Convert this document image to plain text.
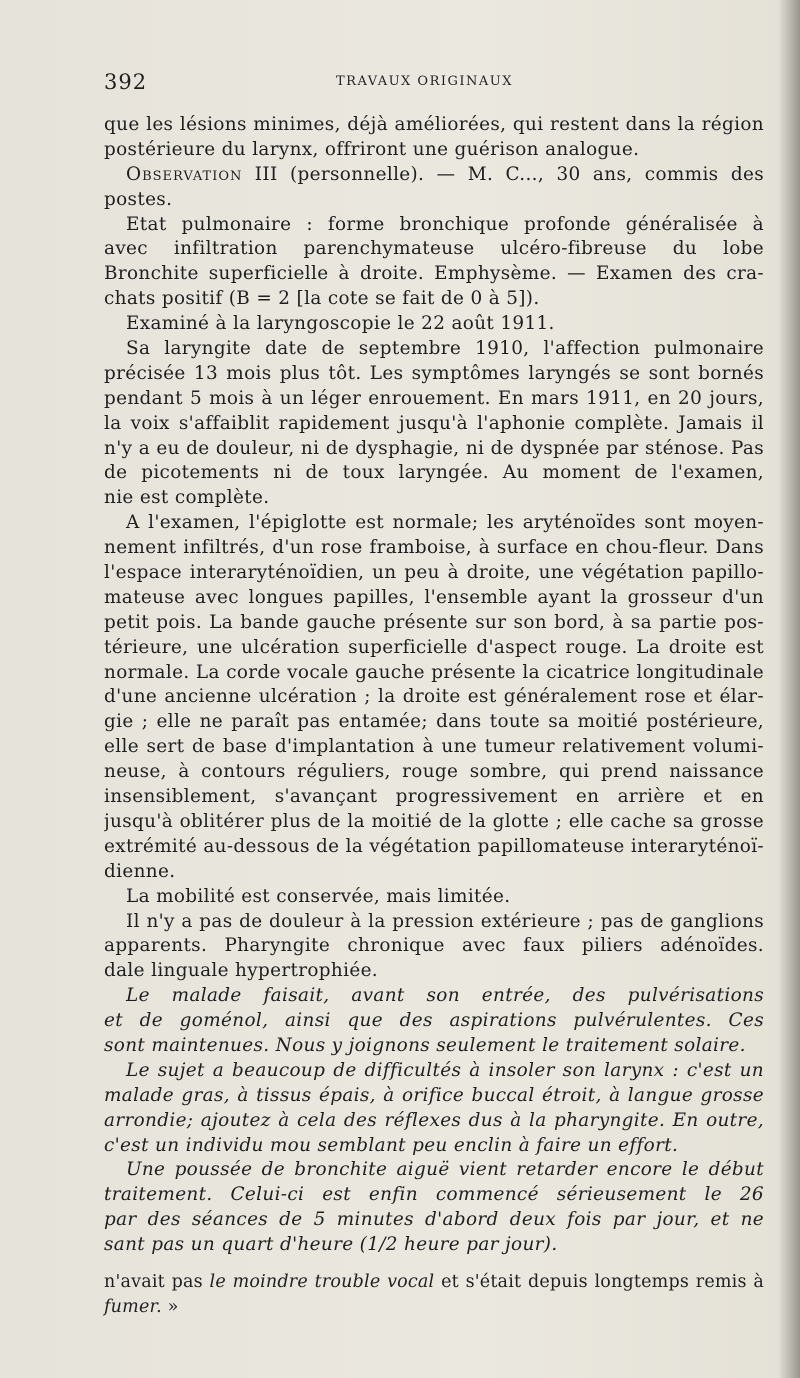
392	TRAVAUX ORIGINAUX
que les lésions minimes, déjà améliorées, qui restent dans la région
postérieure du larynx, offriront une guérison analogue.
Observation III (personnelle). — M. C..., 30 ans, commis des
postes.
Etat pulmonaire : forme bronchique profonde généralisée à
avec infiltration parenchymateuse ulcéro-fibreuse du lobe
Bronchite superficielle à droite. Emphysème. — Examen des cra-
chats positif (B = 2 [la cote se fait de 0 à 5]).
Examiné à la laryngoscopie le 22 août 1911.
Sa laryngite date de septembre 1910, l'affection pulmonaire
précisée 13 mois plus tôt. Les symptômes laryngés se sont bornés
pendant 5 mois à un léger enrouement. En mars 1911, en 20 jours,
la voix s'affaiblit rapidement jusqu'à l'aphonie complète. Jamais il
n'y a eu de douleur, ni de dysphagie, ni de dyspnée par sténose. Pas
de picotements ni de toux laryngée. Au moment de l'examen,
nie est complète.
A l'examen, l'épiglotte est normale; les aryténoïdes sont moyen-
nement infiltrés, d'un rose framboise, à surface en chou-fleur. Dans
l'espace interaryténoïdien, un peu à droite, une végétation papillo-
mateuse avec longues papilles, l'ensemble ayant la grosseur d'un
petit pois. La bande gauche présente sur son bord, à sa partie pos-
térieure, une ulcération superficielle d'aspect rouge. La droite est
normale. La corde vocale gauche présente la cicatrice longitudinale
d'une ancienne ulcération ; la droite est généralement rose et élar-
gie ; elle ne paraît pas entamée; dans toute sa moitié postérieure,
elle sert de base d'implantation à une tumeur relativement volumi-
neuse, à contours réguliers, rouge sombre, qui prend naissance
insensiblement, s'avançant progressivement en arrière et en
jusqu'à oblitérer plus de la moitié de la glotte ; elle cache sa grosse
extrémité au-dessous de la végétation papillomateuse interaryténoï-
dienne.
La mobilité est conservée, mais limitée.
Il n'y a pas de douleur à la pression extérieure ; pas de ganglions
apparents. Pharyngite chronique avec faux piliers adénoïdes.
dale linguale hypertrophiée.
Le malade faisait, avant son entrée, des pulvérisations
et de goménol, ainsi que des aspirations pulvérulentes. Ces
sont maintenues. Nous y joignons seulement le traitement solaire.
Le sujet a beaucoup de difficultés à insoler son larynx : c'est un
malade gras, à tissus épais, à orifice buccal étroit, à langue grosse
arrondie; ajoutez à cela des réflexes dus à la pharyngite. En outre,
c'est un individu mou semblant peu enclin à faire un effort.
Une poussée de bronchite aiguë vient retarder encore le début
traitement. Celui-ci est enfin commencé sérieusement le 26
par des séances de 5 minutes d'abord deux fois par jour, et ne
sant pas un quart d'heure (1/2 heure par jour).
n'avait pas le moindre trouble vocal et s'était depuis longtemps remis à
fumer. »
